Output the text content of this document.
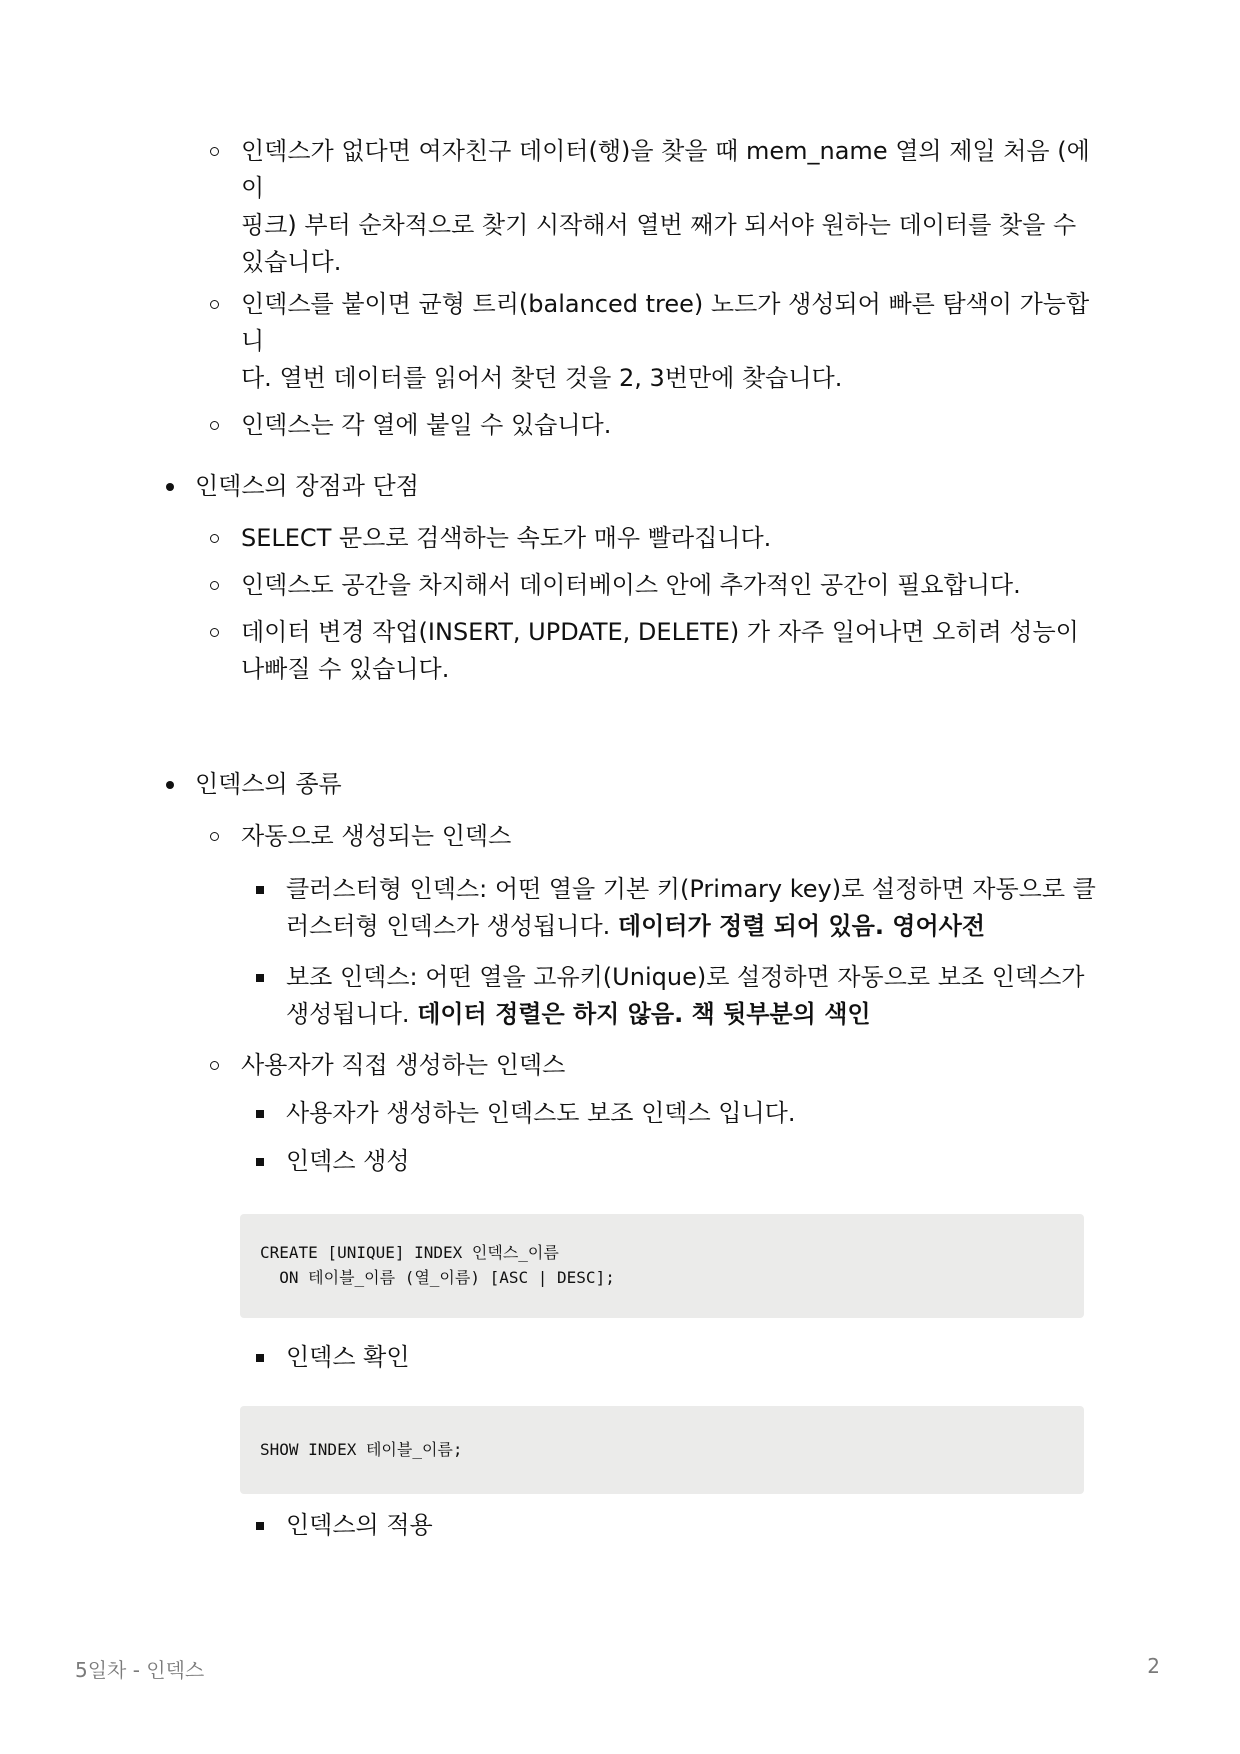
인덱스가 없다면 여자친구 데이터(행)을 찾을 때 mem_name 열의 제일 처음 (에이
핑크) 부터 순차적으로 찾기 시작해서 열번 째가 되서야 원하는 데이터를 찾을 수
있습니다.
인덱스를 붙이면 균형 트리(balanced tree) 노드가 생성되어 빠른 탐색이 가능합니
다. 열번 데이터를 읽어서 찾던 것을 2, 3번만에 찾습니다.
인덱스는 각 열에 붙일 수 있습니다.
인덱스의 장점과 단점
SELECT 문으로 검색하는 속도가 매우 빨라집니다.
인덱스도 공간을 차지해서 데이터베이스 안에 추가적인 공간이 필요합니다.
데이터 변경 작업(INSERT, UPDATE, DELETE) 가 자주 일어나면 오히려 성능이
나빠질 수 있습니다.
인덱스의 종류
자동으로 생성되는 인덱스
클러스터형 인덱스: 어떤 열을 기본 키(Primary key)로 설정하면 자동으로 클
러스터형 인덱스가 생성됩니다. 데이터가 정렬 되어 있음. 영어사전
보조 인덱스: 어떤 열을 고유키(Unique)로 설정하면 자동으로 보조 인덱스가
생성됩니다. 데이터 정렬은 하지 않음. 책 뒷부분의 색인
사용자가 직접 생성하는 인덱스
사용자가 생성하는 인덱스도 보조 인덱스 입니다.
인덱스 생성
CREATE [UNIQUE] INDEX 인덱스_이름
ON 테이블_이름 (열_이름) [ASC | DESC];
인덱스 확인
SHOW INDEX 테이블_이름;
인덱스의 적용
5일차 - 인덱스	2
